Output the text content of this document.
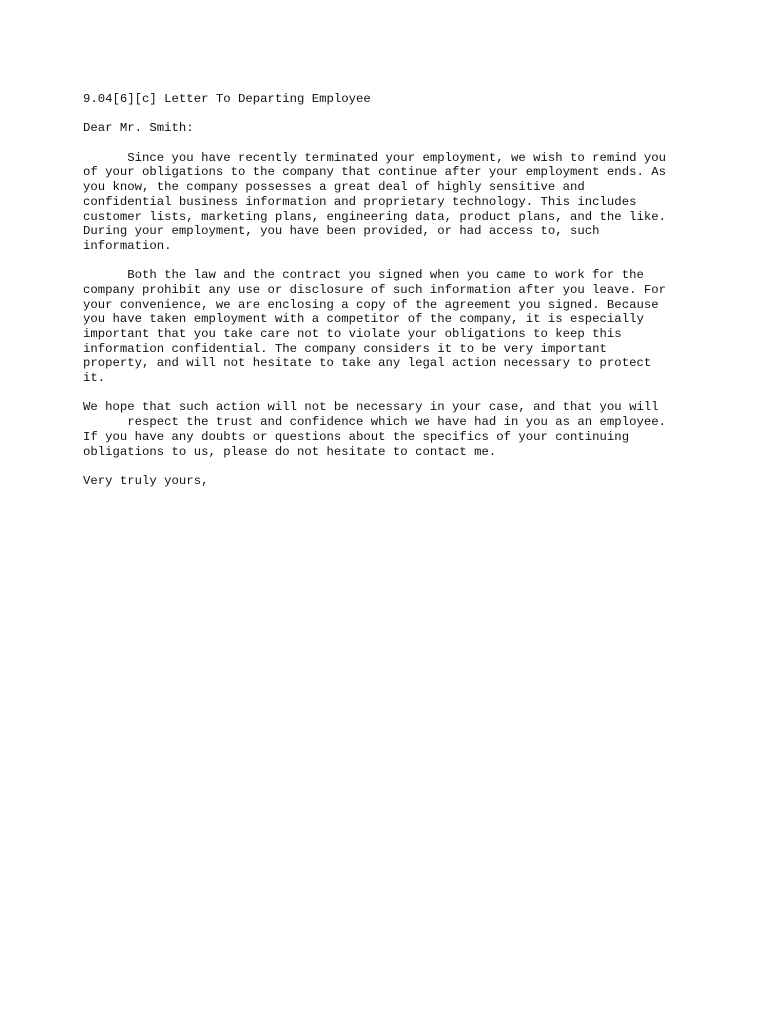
9.04[6][c] Letter To Departing Employee
Dear Mr. Smith:
Since you have recently terminated your employment, we wish to remind you
of your obligations to the company that continue after your employment ends. As
you know, the company possesses a great deal of highly sensitive and
confidential business information and proprietary technology. This includes
customer lists, marketing plans, engineering data, product plans, and the like.
During your employment, you have been provided, or had access to, such
information.
Both the law and the contract you signed when you came to work for the
company prohibit any use or disclosure of such information after you leave. For
your convenience, we are enclosing a copy of the agreement you signed. Because
you have taken employment with a competitor of the company, it is especially
important that you take care not to violate your obligations to keep this
information confidential. The company considers it to be very important
property, and will not hesitate to take any legal action necessary to protect
it.
We hope that such action will not be necessary in your case, and that you will
respect the trust and confidence which we have had in you as an employee.
If you have any doubts or questions about the specifics of your continuing
obligations to us, please do not hesitate to contact me.
Very truly yours,
